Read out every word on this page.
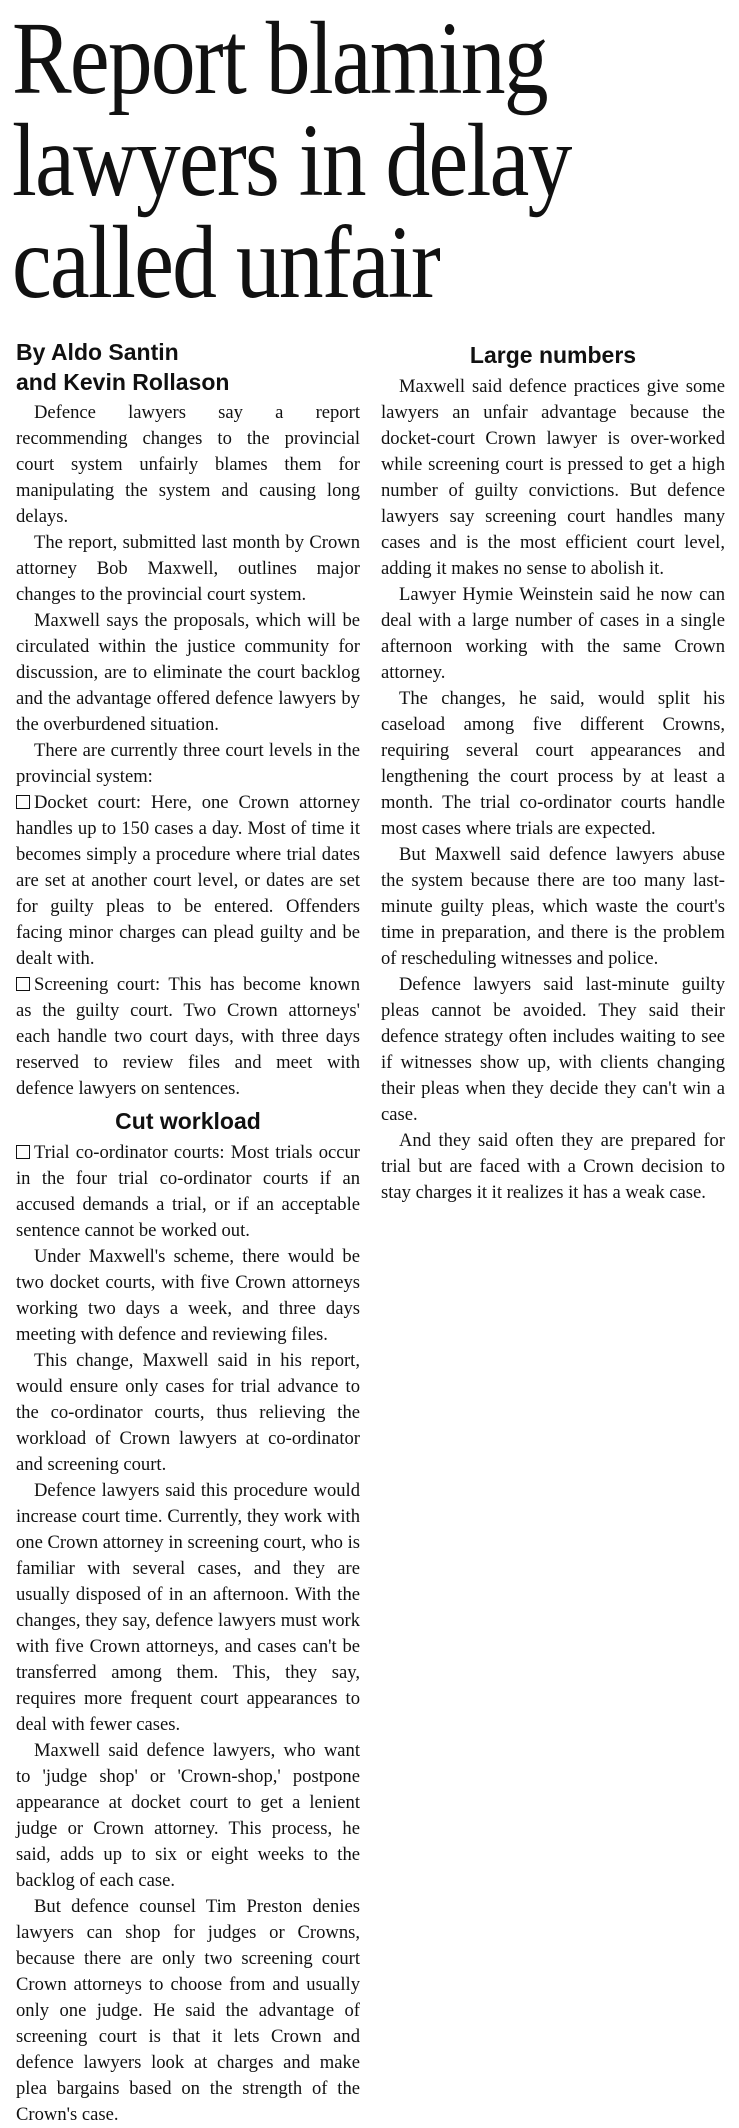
Report blaming lawyers in delay called unfair
By Aldo Santin
and Kevin Rollason

Defence lawyers say a report recommending changes to the provincial court system unfairly blames them for manipulating the system and causing long delays.

The report, submitted last month by Crown attorney Bob Maxwell, outlines major changes to the provincial court system.

Maxwell says the proposals, which will be circulated within the justice community for discussion, are to eliminate the court backlog and the advantage offered defence lawyers by the overburdened situation.

There are currently three court levels in the provincial system:

Docket court: Here, one Crown attorney handles up to 150 cases a day. Most of time it becomes simply a procedure where trial dates are set at another court level, or dates are set for guilty pleas to be entered. Offenders facing minor charges can plead guilty and be dealt with.

Screening court: This has become known as the guilty court. Two Crown attorneys' each handle two court days, with three days reserved to review files and meet with defence lawyers on sentences.

Cut workload

Trial co-ordinator courts: Most trials occur in the four trial co-ordinator courts if an accused demands a trial, or if an acceptable sentence cannot be worked out.

Under Maxwell's scheme, there would be two docket courts, with five Crown attorneys working two days a week, and three days meeting with defence and reviewing files.

This change, Maxwell said in his report, would ensure only cases for trial advance to the co-ordinator courts, thus relieving the workload of Crown lawyers at co-ordinator and screening court.

Defence lawyers said this procedure would increase court time. Currently, they work with one Crown attorney in screening court, who is familiar with several cases, and they are usually disposed of in an afternoon. With the changes, they say, defence lawyers must work with five Crown attorneys, and cases can't be transferred among them. This, they say, requires more frequent court appearances to deal with fewer cases.

Maxwell said defence lawyers, who want to 'judge shop' or 'Crown-shop,' postpone appearance at docket court to get a lenient judge or Crown attorney. This process, he said, adds up to six or eight weeks to the backlog of each case.

But defence counsel Tim Preston denies lawyers can shop for judges or Crowns, because there are only two screening court Crown attorneys to choose from and usually only one judge. He said the advantage of screening court is that it lets Crown and defence lawyers look at charges and make plea bargains based on the strength of the Crown's case.

Large numbers

Maxwell said defence practices give some lawyers an unfair advantage because the docket-court Crown lawyer is over-worked while screening court is pressed to get a high number of guilty convictions. But defence lawyers say screening court handles many cases and is the most efficient court level, adding it makes no sense to abolish it.

Lawyer Hymie Weinstein said he now can deal with a large number of cases in a single afternoon working with the same Crown attorney.

The changes, he said, would split his caseload among five different Crowns, requiring several court appearances and lengthening the court process by at least a month. The trial co-ordinator courts handle most cases where trials are expected.

But Maxwell said defence lawyers abuse the system because there are too many last-minute guilty pleas, which waste the court's time in preparation, and there is the problem of rescheduling witnesses and police.

Defence lawyers said last-minute guilty pleas cannot be avoided. They said their defence strategy often includes waiting to see if witnesses show up, with clients changing their pleas when they decide they can't win a case.

And they said often they are prepared for trial but are faced with a Crown decision to stay charges it it realizes it has a weak case.
